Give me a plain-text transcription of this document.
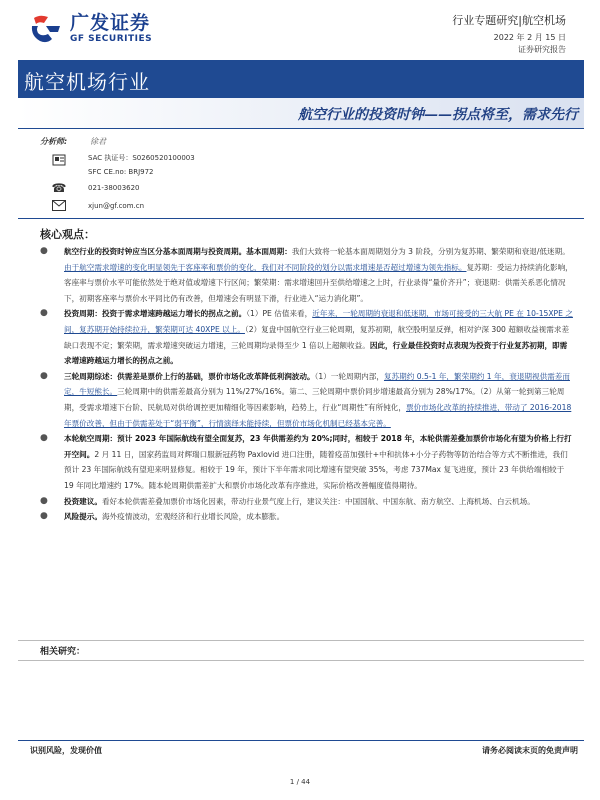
广发证券
GF SECURITIES
行业专题研究|航空机场
2022 年 2 月 15 日
证券研究报告
航空机场行业
航空行业的投资时钟——拐点将至，需求先行
分析师:	徐君
SAC 执证号：S0260520100003
SFC CE.no: BRJ972
☎	021-38003620
xjun@gf.com.cn
核心观点：
● 航空行业的投资时钟应当区分基本面周期与投资周期。基本面周期：我们大致将一轮基本面周期划分为 3 阶段，分别为复苏期、繁荣期和衰退/低迷期。由于航空需求增速的变化明显领先于客座率和票价的变化，我们对不同阶段的划分以需求增速是否超过增速为领先指标。复苏期：受运力持续消化影响，客座率与票价水平可能依然处于绝对值或增速下行区间；繁荣期：需求增速回升至供给增速之上时，行业录得“量价齐升”；衰退期：供需关系恶化情况下，初期客座率与票价水平同比仍有改善，但增速会有明显下滑，行业进入“运力消化期”。
● 投资周期：投资于需求增速跨越运力增长的拐点之前。（1）PE 估值来看，近年来，一轮周期的衰退和低迷期，市场可接受的三大航 PE 在 10-15XPE 之间，复苏期开始持续拉升，繁荣期可达 40XPE 以上。（2）复盘中国航空行业三轮周期，复苏初期，航空股明显反弹，相对沪深 300 超额收益视需求差缺口表现不定；繁荣期，需求增速突破运力增速，三轮周期均录得至少 1 倍以上超额收益。因此，行业最佳投资时点表现为投资于行业复苏初期，即需求增速跨越运力增长的拐点之前。
● 三轮周期综述：供需差是票价上行的基础，票价市场化改革降低利润波动。（1）一轮周期内部，复苏期约 0.5-1 年，繁荣期约 1 年，衰退期视供需差而定，牛短熊长。三轮周期中的供需差最高分别为 11%/27%/16%。第二、三轮周期中票价同步增速最高分别为 28%/17%。（2）从第一轮到第三轮周期，受需求增速下台阶、民航局对供给调控更加精细化等因素影响，趋势上，行业“周期性”有所钝化，票价市场化改革的持续推进，带动了 2016-2018 年票价改善，但由于供需差处于“弱平衡”，行情演绎未能持续，但票价市场化机制已经基本完善。
● 本轮航空周期：预计 2023 年国际航线有望全面复苏，23 年供需差约为 20%;同时，相较于 2018 年，本轮供需差叠加票价市场化有望为价格上行打开空间。2 月 11 日，国家药监局对辉瑞口服新冠药物 Paxlovid 进口注册，随着疫苗加强针+中和抗体+小分子药物等防治结合等方式不断推进，我们预计 23 年国际航线有望迎来明显修复。相较于 19 年，预计下半年需求同比增速有望突破 35%，考虑 737Max 复飞进度，预计 23 年供给端相较于 19 年同比增速约 17%。随本轮周期供需差扩大和票价市场化改革有序推进，实际价格改善幅度值得期待。
● 投资建议。看好本轮供需差叠加票价市场化因素，带动行业景气度上行，建议关注：中国国航、中国东航、南方航空、上海机场、白云机场。
● 风险提示。海外疫情波动，宏观经济和行业增长风险，成本膨胀。
相关研究：
识别风险，发现价值	请务必阅读末页的免责声明
1 / 44
